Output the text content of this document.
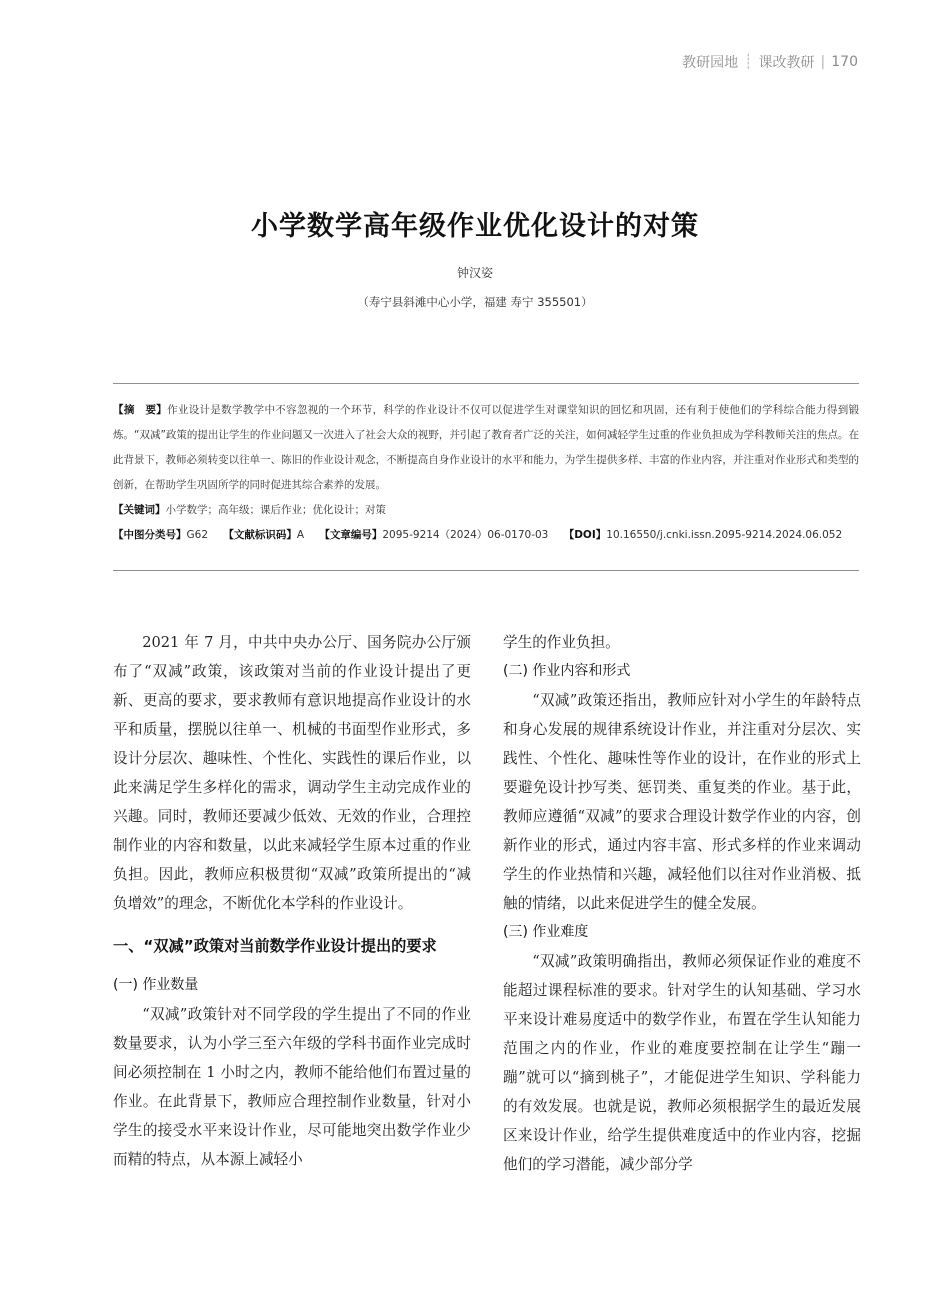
教研园地 ┊ 课改教研 | 170
小学数学高年级作业优化设计的对策
钟汉姿
（寿宁县斜滩中心小学，福建 寿宁 355501）

【摘　要】作业设计是数学教学中不容忽视的一个环节，科学的作业设计不仅可以促进学生对课堂知识的回忆和巩固，还有利于使他们的学科综合能力得到锻炼。“双减”政策的提出让学生的作业问题又一次进入了社会大众的视野，并引起了教育者广泛的关注，如何减轻学生过重的作业负担成为学科教师关注的焦点。在此背景下，教师必须转变以往单一、陈旧的作业设计观念，不断提高自身作业设计的水平和能力，为学生提供多样、丰富的作业内容，并注重对作业形式和类型的创新，在帮助学生巩固所学的同时促进其综合素养的发展。

【关键词】小学数学；高年级；课后作业；优化设计；对策

【中图分类号】G62 【文献标识码】A 【文章编号】2095-9214（2024）06-0170-03 【DOI】10.16550/j.cnki.issn.2095-9214.2024.06.052

2021 年 7 月，中共中央办公厅、国务院办公厅颁布了“双减”政策，该政策对当前的作业设计提出了更新、更高的要求，要求教师有意识地提高作业设计的水平和质量，摆脱以往单一、机械的书面型作业形式，多设计分层次、趣味性、个性化、实践性的课后作业，以此来满足学生多样化的需求，调动学生主动完成作业的兴趣。同时，教师还要减少低效、无效的作业，合理控制作业的内容和数量，以此来减轻学生原本过重的作业负担。因此，教师应积极贯彻“双减”政策所提出的“减负增效”的理念，不断优化本学科的作业设计。

一、“双减”政策对当前数学作业设计提出的要求
(一) 作业数量

“双减”政策针对不同学段的学生提出了不同的作业数量要求，认为小学三至六年级的学科书面作业完成时间必须控制在 1 小时之内，教师不能给他们布置过量的作业。在此背景下，教师应合理控制作业数量，针对小学生的接受水平来设计作业，尽可能地突出数学作业少而精的特点，从本源上减轻小

学生的作业负担。

(二) 作业内容和形式

“双减”政策还指出，教师应针对小学生的年龄特点和身心发展的规律系统设计作业，并注重对分层次、实践性、个性化、趣味性等作业的设计，在作业的形式上要避免设计抄写类、惩罚类、重复类的作业。基于此，教师应遵循“双减”的要求合理设计数学作业的内容，创新作业的形式，通过内容丰富、形式多样的作业来调动学生的作业热情和兴趣，减轻他们以往对作业消极、抵触的情绪，以此来促进学生的健全发展。

(三) 作业难度

“双减”政策明确指出，教师必须保证作业的难度不能超过课程标准的要求。针对学生的认知基础、学习水平来设计难易度适中的数学作业，布置在学生认知能力范围之内的作业，作业的难度要控制在让学生“蹦一蹦”就可以“摘到桃子”，才能促进学生知识、学科能力的有效发展。也就是说，教师必须根据学生的最近发展区来设计作业，给学生提供难度适中的作业内容，挖掘他们的学习潜能，减少部分学
